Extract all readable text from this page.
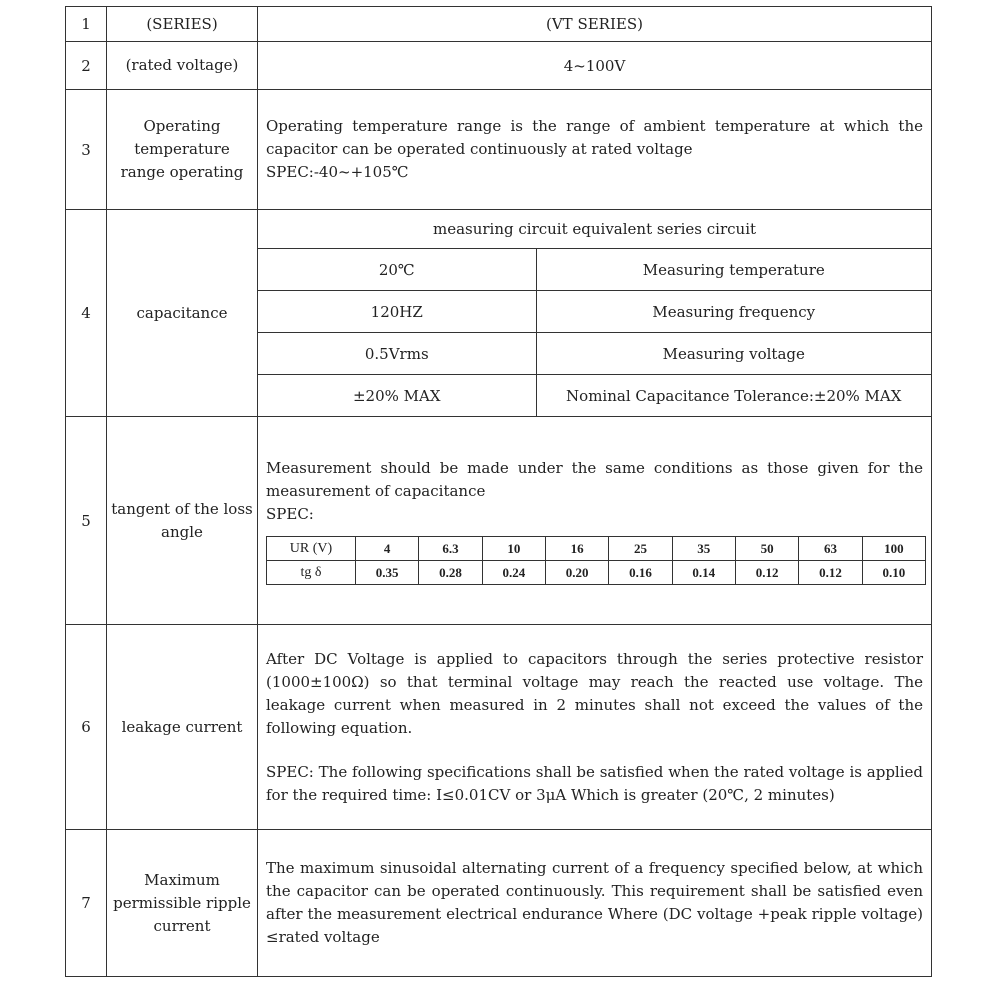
1	(SERIES)	(VT SERIES)
2	(rated voltage)	4~100V
3	Operating temperature range operating	

Operating temperature range is the range of ambient temperature at which the capacitor can be operated continuously at rated voltage

SPEC:-40~+105℃

4	capacitance	
measuring circuit equivalent series circuit
20℃	Measuring temperature
120HZ	Measuring frequency
0.5Vrms	Measuring voltage
±20% MAX	Nominal Capacitance Tolerance:±20% MAX

5	tangent of the loss angle	

Measurement should be made under the same conditions as those given for the measurement of capacitance

SPEC:

UR (V)	4	6.3	10	16	25	35	50	63	100
tg δ	0.35	0.28	0.24	0.20	0.16	0.14	0.12	0.12	0.10

6	leakage current	

After DC Voltage is applied to capacitors through the series protective resistor (1000±100Ω) so that terminal voltage may reach the reacted use voltage. The leakage current when measured in 2 minutes shall not exceed the values of the following equation.

SPEC: The following specifications shall be satisfied when the rated voltage is applied for the required time: I≤0.01CV or 3μA Which is greater (20℃, 2 minutes)

7	Maximum permissible ripple current	

The maximum sinusoidal alternating current of a frequency specified below, at which the capacitor can be operated continuously. This requirement shall be satisfied even after the measurement electrical endurance Where (DC voltage +peak ripple voltage) ≤rated voltage
